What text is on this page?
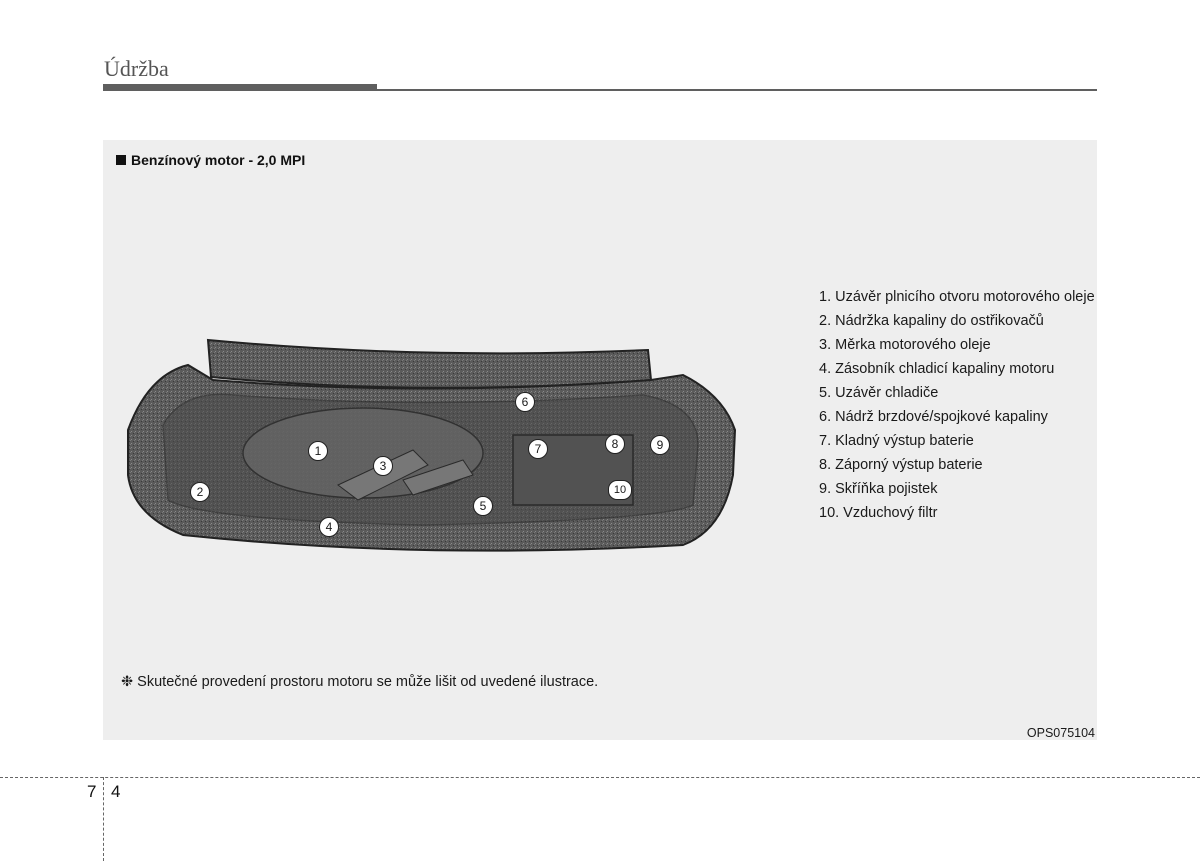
Údržba
Benzínový motor - 2,0 MPI
1
2
3
4
5
6
7	8	9
10
1. Uzávěr plnicího otvoru motorového oleje
2. Nádržka kapaliny do ostřikovačů
3. Měrka motorového oleje
4. Zásobník chladicí kapaliny motoru
5. Uzávěr chladiče
6. Nádrž brzdové/spojkové kapaliny
7. Kladný výstup baterie
8. Záporný výstup baterie
9. Skříňka pojistek
10. Vzduchový filtr
❉ Skutečné provedení prostoru motoru se může lišit od uvedené ilustrace.
OPS075104
7 4
